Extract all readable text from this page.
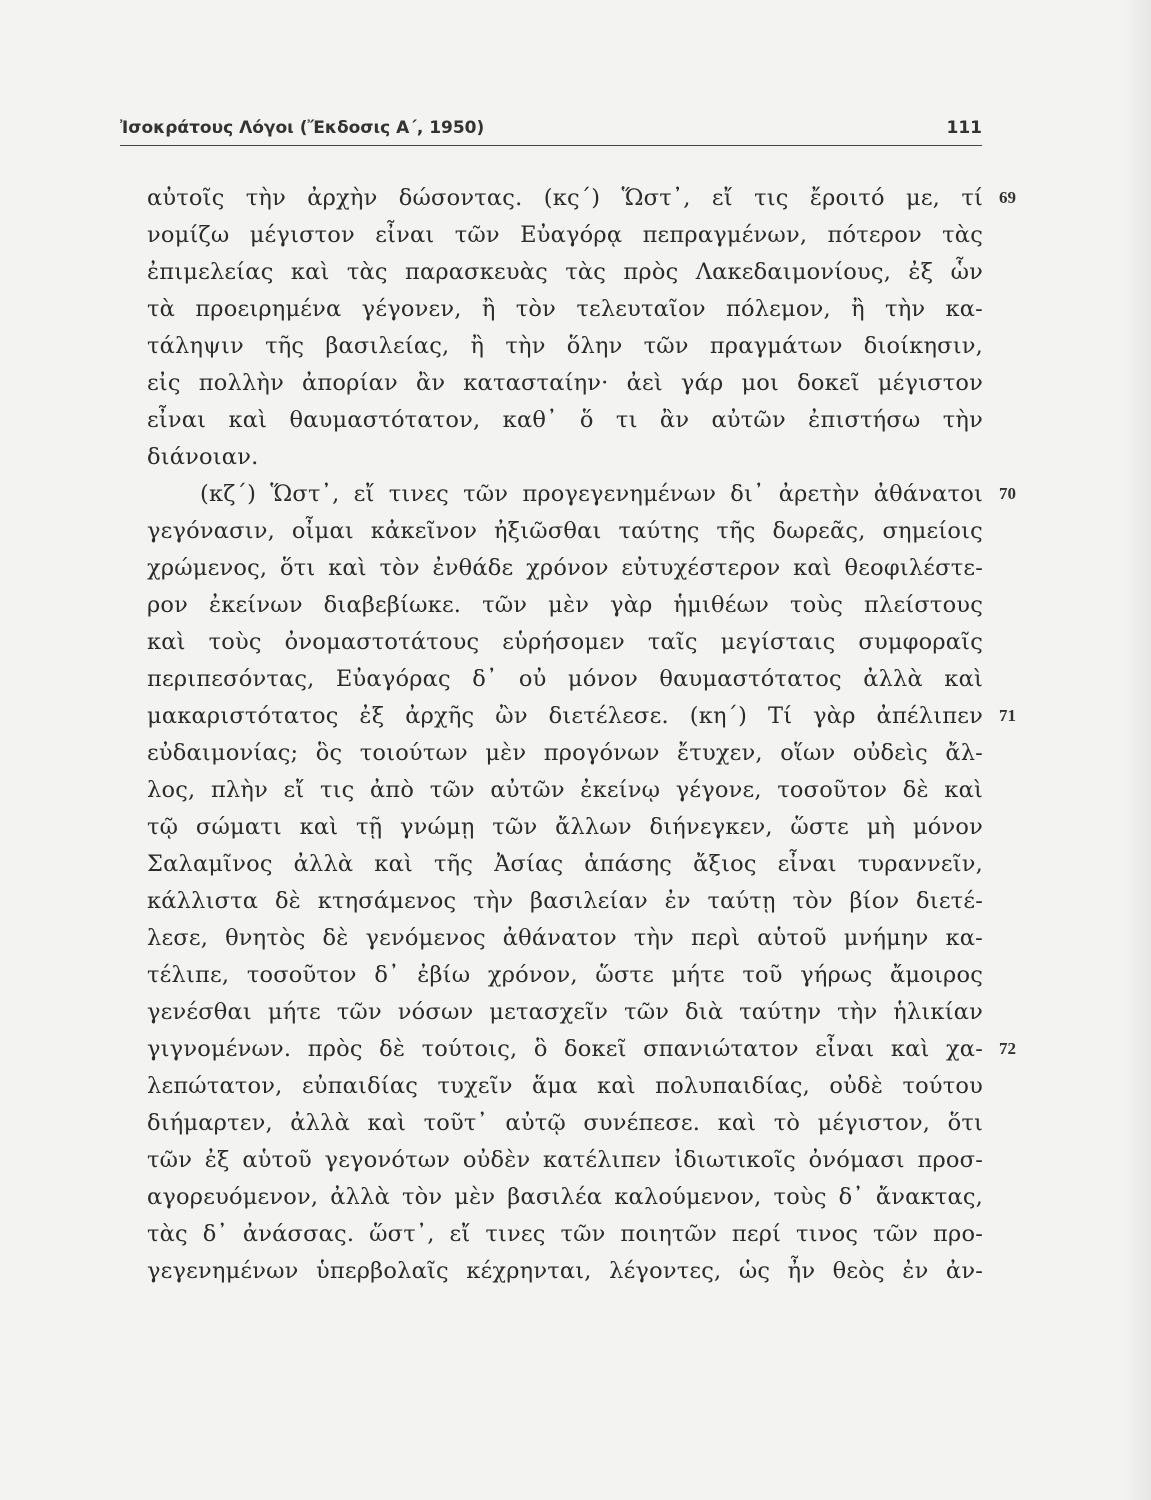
Ἰσοκράτους Λόγοι (Ἔκδοσις Α΄, 1950)	111
αὐτοῖς τὴν ἀρχὴν δώσοντας. (κς΄) Ὥστ᾽, εἴ τις ἔροιτό με, τί
νομίζω μέγιστον εἶναι τῶν Εὐαγόρᾳ πεπραγμένων, πότερον τὰς
ἐπιμελείας καὶ τὰς παρασκευὰς τὰς πρὸς Λακεδαιμονίους, ἐξ ὧν
τὰ προειρημένα γέγονεν, ἢ τὸν τελευταῖον πόλεμον, ἢ τὴν κα-
τάληψιν τῆς βασιλείας, ἢ τὴν ὅλην τῶν πραγμάτων διοίκησιν,
εἰς πολλὴν ἀπορίαν ἂν κατασταίην· ἀεὶ γάρ μοι δοκεῖ μέγιστον
εἶναι καὶ θαυμαστότατον, καθ᾽ ὅ τι ἂν αὐτῶν ἐπιστήσω τὴν
διάνοιαν.
(κζ΄) Ὥστ᾽, εἴ τινες τῶν προγεγενημένων δι᾽ ἀρετὴν ἀθάνατοι
γεγόνασιν, οἶμαι κἀκεῖνον ἠξιῶσθαι ταύτης τῆς δωρεᾶς, σημείοις
χρώμενος, ὅτι καὶ τὸν ἐνθάδε χρόνον εὐτυχέστερον καὶ θεοφιλέστε-
ρον ἐκείνων διαβεβίωκε. τῶν μὲν γὰρ ἡμιθέων τοὺς πλείστους
καὶ τοὺς ὀνομαστοτάτους εὑρήσομεν ταῖς μεγίσταις συμφοραῖς
περιπεσόντας, Εὐαγόρας δ᾽ οὐ μόνον θαυμαστότατος ἀλλὰ καὶ
μακαριστότατος ἐξ ἀρχῆς ὢν διετέλεσε. (κη΄) Τί γὰρ ἀπέλιπεν
εὐδαιμονίας; ὃς τοιούτων μὲν προγόνων ἔτυχεν, οἵων οὐδεὶς ἄλ-
λος, πλὴν εἴ τις ἀπὸ τῶν αὐτῶν ἐκείνῳ γέγονε, τοσοῦτον δὲ καὶ
τῷ σώματι καὶ τῇ γνώμῃ τῶν ἄλλων διήνεγκεν, ὥστε μὴ μόνον
Σαλαμῖνος ἀλλὰ καὶ τῆς Ἀσίας ἁπάσης ἄξιος εἶναι τυραννεῖν,
κάλλιστα δὲ κτησάμενος τὴν βασιλείαν ἐν ταύτῃ τὸν βίον διετέ-
λεσε, θνητὸς δὲ γενόμενος ἀθάνατον τὴν περὶ αὑτοῦ μνήμην κα-
τέλιπε, τοσοῦτον δ᾽ ἐβίω χρόνον, ὥστε μήτε τοῦ γήρως ἄμοιρος
γενέσθαι μήτε τῶν νόσων μετασχεῖν τῶν διὰ ταύτην τὴν ἡλικίαν
γιγνομένων. πρὸς δὲ τούτοις, ὃ δοκεῖ σπανιώτατον εἶναι καὶ χα-
λεπώτατον, εὐπαιδίας τυχεῖν ἅμα καὶ πολυπαιδίας, οὐδὲ τούτου
διήμαρτεν, ἀλλὰ καὶ τοῦτ᾽ αὐτῷ συνέπεσε. καὶ τὸ μέγιστον, ὅτι
τῶν ἐξ αὑτοῦ γεγονότων οὐδὲν κατέλιπεν ἰδιωτικοῖς ὀνόμασι προσ-
αγορευόμενον, ἀλλὰ τὸν μὲν βασιλέα καλούμενον, τοὺς δ᾽ ἄνακτας,
τὰς δ᾽ ἀνάσσας. ὥστ᾽, εἴ τινες τῶν ποιητῶν περί τινος τῶν προ-
γεγενημένων ὑπερβολαῖς κέχρηνται, λέγοντες, ὡς ἦν θεὸς ἐν ἀν-
69
70
71
72
